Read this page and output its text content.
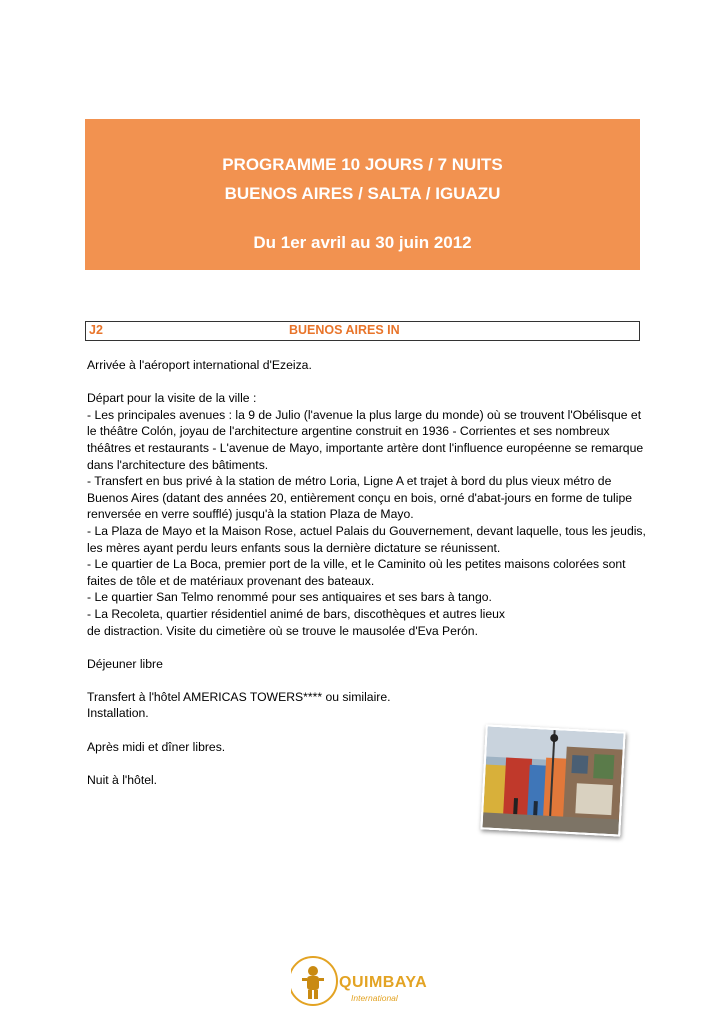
PROGRAMME 10 JOURS / 7 NUITS
BUENOS AIRES / SALTA / IGUAZU
Du 1er avril au 30 juin 2012
J2	BUENOS AIRES IN

Arrivée à l'aéroport international d'Ezeiza.

Départ pour la visite de la ville :
- Les principales avenues : la 9 de Julio (l'avenue la plus large du monde) où se trouvent l'Obélisque et
le théâtre Colón, joyau de l'architecture argentine construit en 1936 - Corrientes et ses nombreux
théâtres et restaurants - L'avenue de Mayo, importante artère dont l'influence européenne se remarque
dans l'architecture des bâtiments.
- Transfert en bus privé à la station de métro Loria, Ligne A et trajet à bord du plus vieux métro de
Buenos Aires (datant des années 20, entièrement conçu en bois, orné d'abat-jours en forme de tulipe
renversée en verre soufflé) jusqu'à la station Plaza de Mayo.
- La Plaza de Mayo et la Maison Rose, actuel Palais du Gouvernement, devant laquelle, tous les jeudis,
les mères ayant perdu leurs enfants sous la dernière dictature se réunissent.
- Le quartier de La Boca, premier port de la ville, et le Caminito où les petites maisons colorées sont
faites de tôle et de matériaux provenant des bateaux.
- Le quartier San Telmo renommé pour ses antiquaires et ses bars à tango.
- La Recoleta, quartier résidentiel animé de bars, discothèques et autres lieux
de distraction. Visite du cimetière où se trouve le mausolée d'Eva Perón.

Déjeuner libre

Transfert à l'hôtel AMERICAS TOWERS**** ou similaire.
Installation.

Après midi et dîner libres.

Nuit à l'hôtel.

QUIMBAYA
International
